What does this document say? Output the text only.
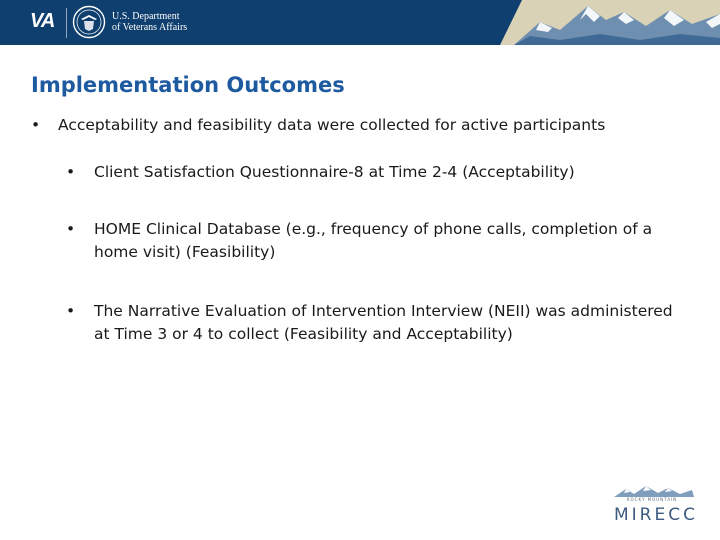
VA	U.S. Department
of Veterans Affairs
Implementation Outcomes
• Acceptability and feasibility data were collected for active participants
• Client Satisfaction Questionnaire-8 at Time 2-4 (Acceptability)
• HOME Clinical Database (e.g., frequency of phone calls, completion of a home visit) (Feasibility)
• The Narrative Evaluation of Intervention Interview (NEII) was administered at Time 3 or 4 to collect (Feasibility and Acceptability)
ROCKY MOUNTAIN
MIRECC
